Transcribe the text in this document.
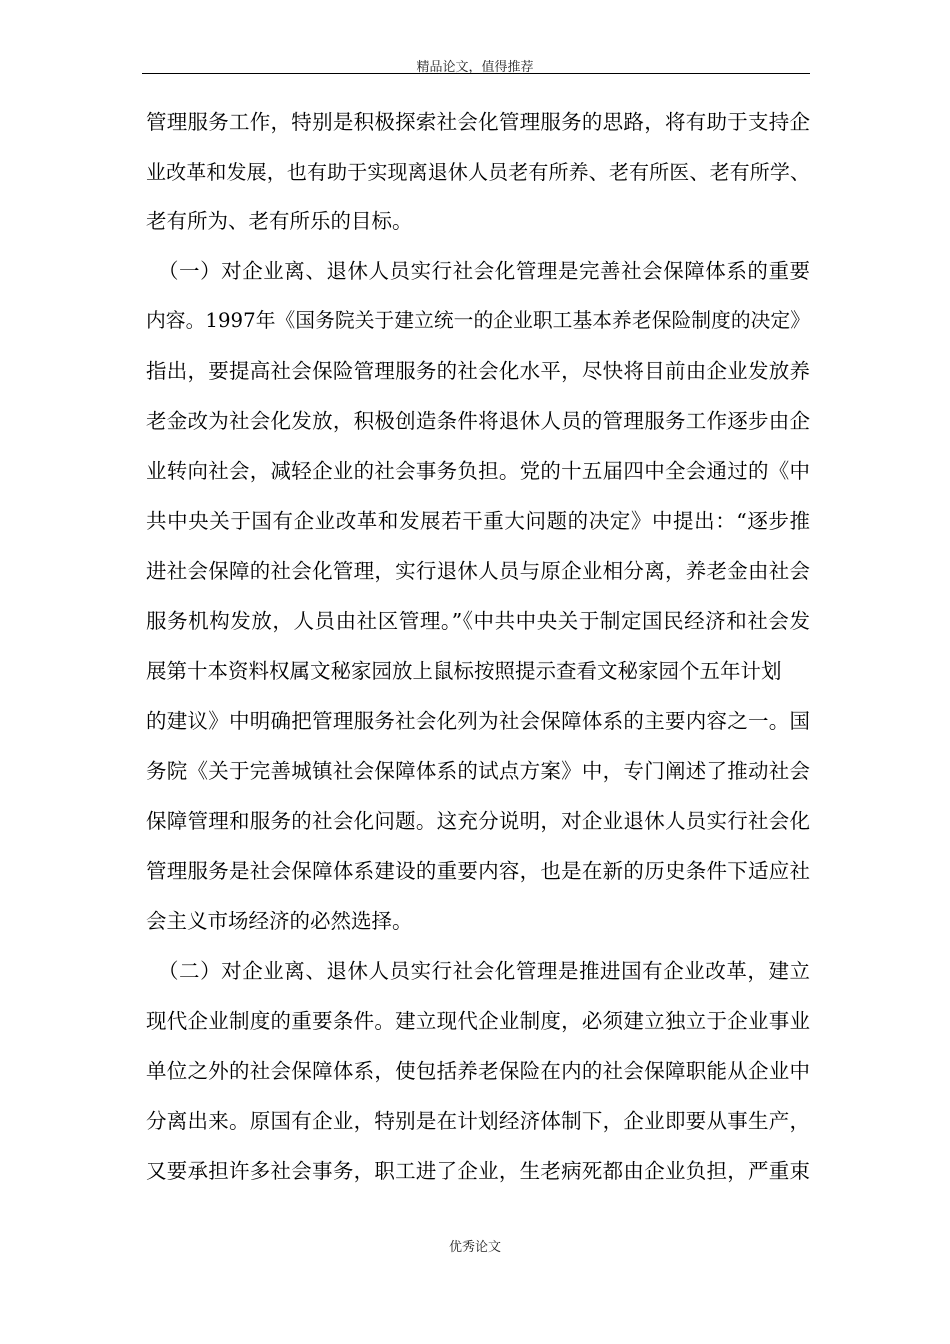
精品论文，值得推荐
管理服务工作，特别是积极探索社会化管理服务的思路，将有助于支持企
业改革和发展，也有助于实现离退休人员老有所养、老有所医、老有所学、
老有所为、老有所乐的目标。
（一）对企业离、退休人员实行社会化管理是完善社会保障体系的重要
内容。1997年《国务院关于建立统一的企业职工基本养老保险制度的决定》
指出，要提高社会保险管理服务的社会化水平，尽快将目前由企业发放养
老金改为社会化发放，积极创造条件将退休人员的管理服务工作逐步由企
业转向社会，减轻企业的社会事务负担。党的十五届四中全会通过的《中
共中央关于国有企业改革和发展若干重大问题的决定》中提出：“逐步推
进社会保障的社会化管理，实行退休人员与原企业相分离，养老金由社会
服务机构发放，人员由社区管理。”《中共中央关于制定国民经济和社会发
展第十本资料权属文秘家园放上鼠标按照提示查看文秘家园个五年计划
的建议》中明确把管理服务社会化列为社会保障体系的主要内容之一。国
务院《关于完善城镇社会保障体系的试点方案》中，专门阐述了推动社会
保障管理和服务的社会化问题。这充分说明，对企业退休人员实行社会化
管理服务是社会保障体系建设的重要内容，也是在新的历史条件下适应社
会主义市场经济的必然选择。
（二）对企业离、退休人员实行社会化管理是推进国有企业改革，建立
现代企业制度的重要条件。建立现代企业制度，必须建立独立于企业事业
单位之外的社会保障体系，使包括养老保险在内的社会保障职能从企业中
分离出来。原国有企业，特别是在计划经济体制下，企业即要从事生产，
又要承担许多社会事务，职工进了企业，生老病死都由企业负担，严重束
优秀论文
